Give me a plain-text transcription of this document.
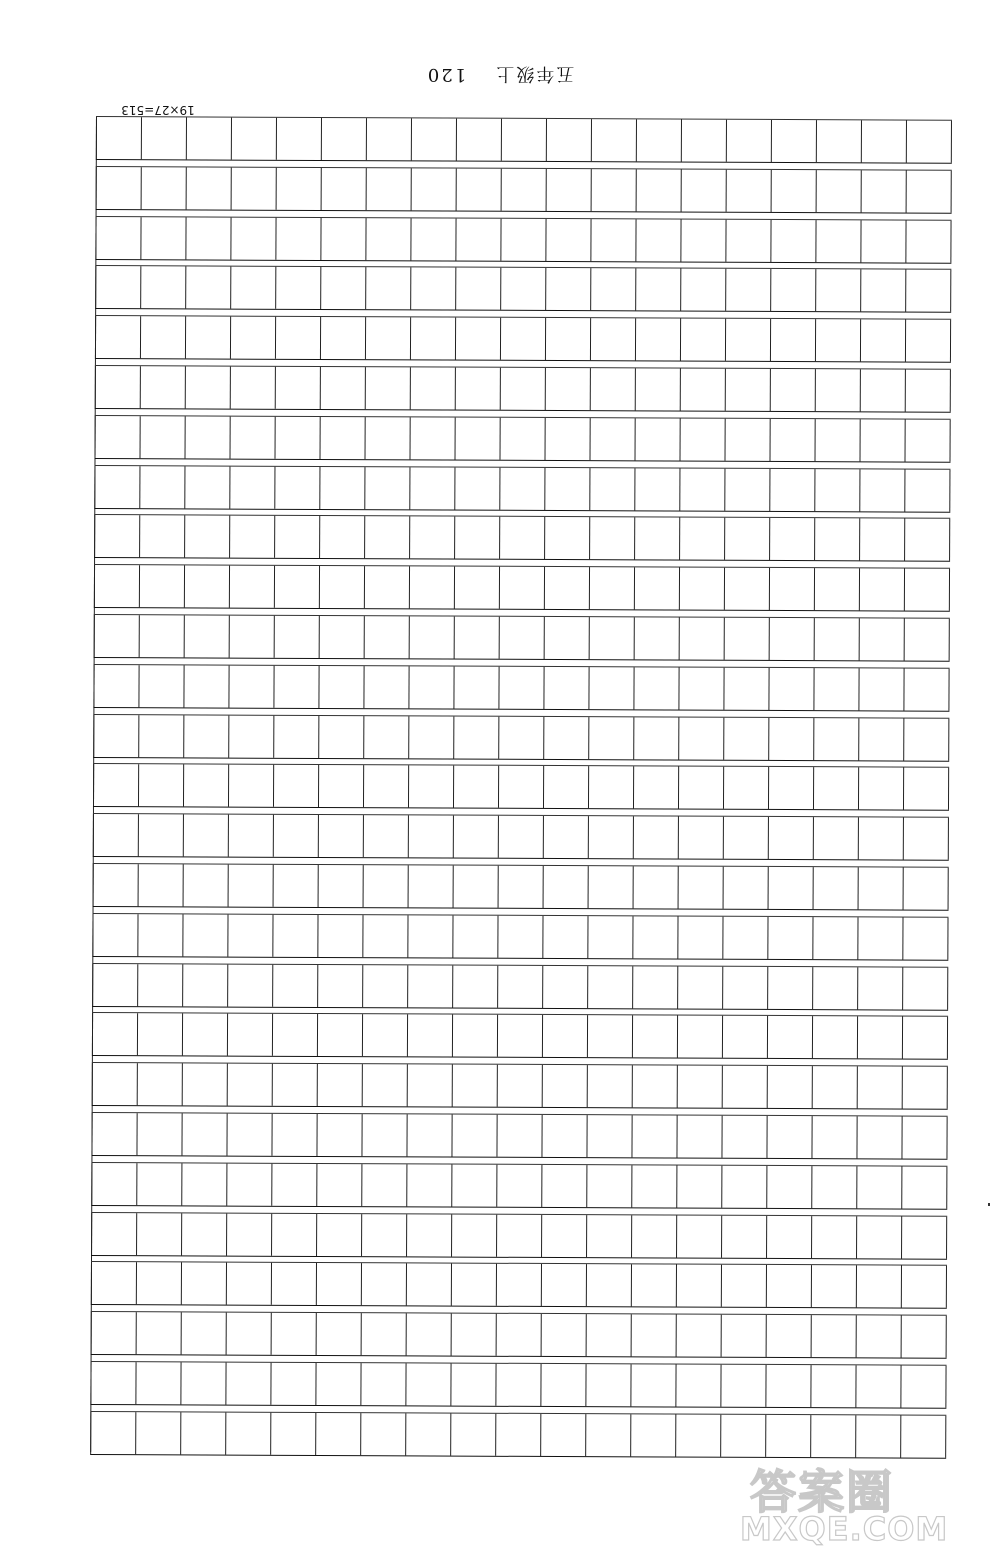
五年级上
120
19×27=513
答案圈
MXQE.COM
